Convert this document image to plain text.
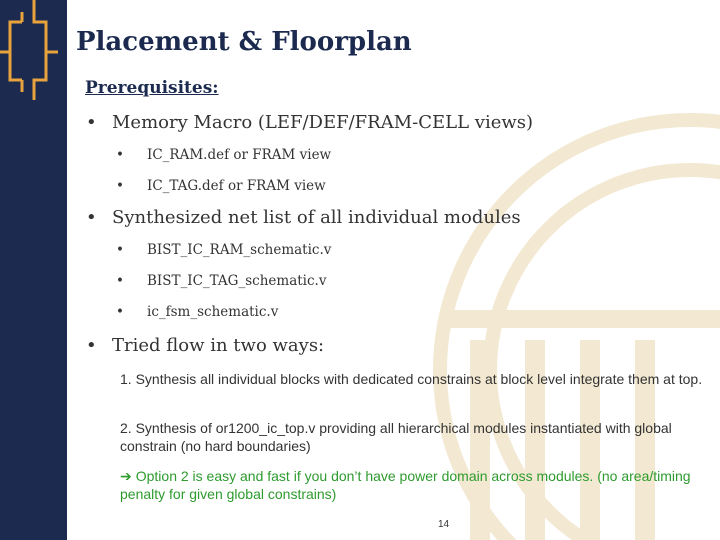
Placement & Floorplan
Prerequisites:
• Memory Macro (LEF/DEF/FRAM-CELL views)
• IC_RAM.def or FRAM view
• IC_TAG.def or FRAM view
• Synthesized net list of all individual modules
• BIST_IC_RAM_schematic.v
• BIST_IC_TAG_schematic.v
• ic_fsm_schematic.v
• Tried flow in two ways:
1. Synthesis all individual blocks with dedicated constrains at block level integrate them at top.
2. Synthesis of or1200_ic_top.v providing all hierarchical modules instantiated with global constrain (no hard boundaries)
➔ Option 2 is easy and fast if you don’t have power domain across modules. (no area/timing penalty for given global constrains)
14
